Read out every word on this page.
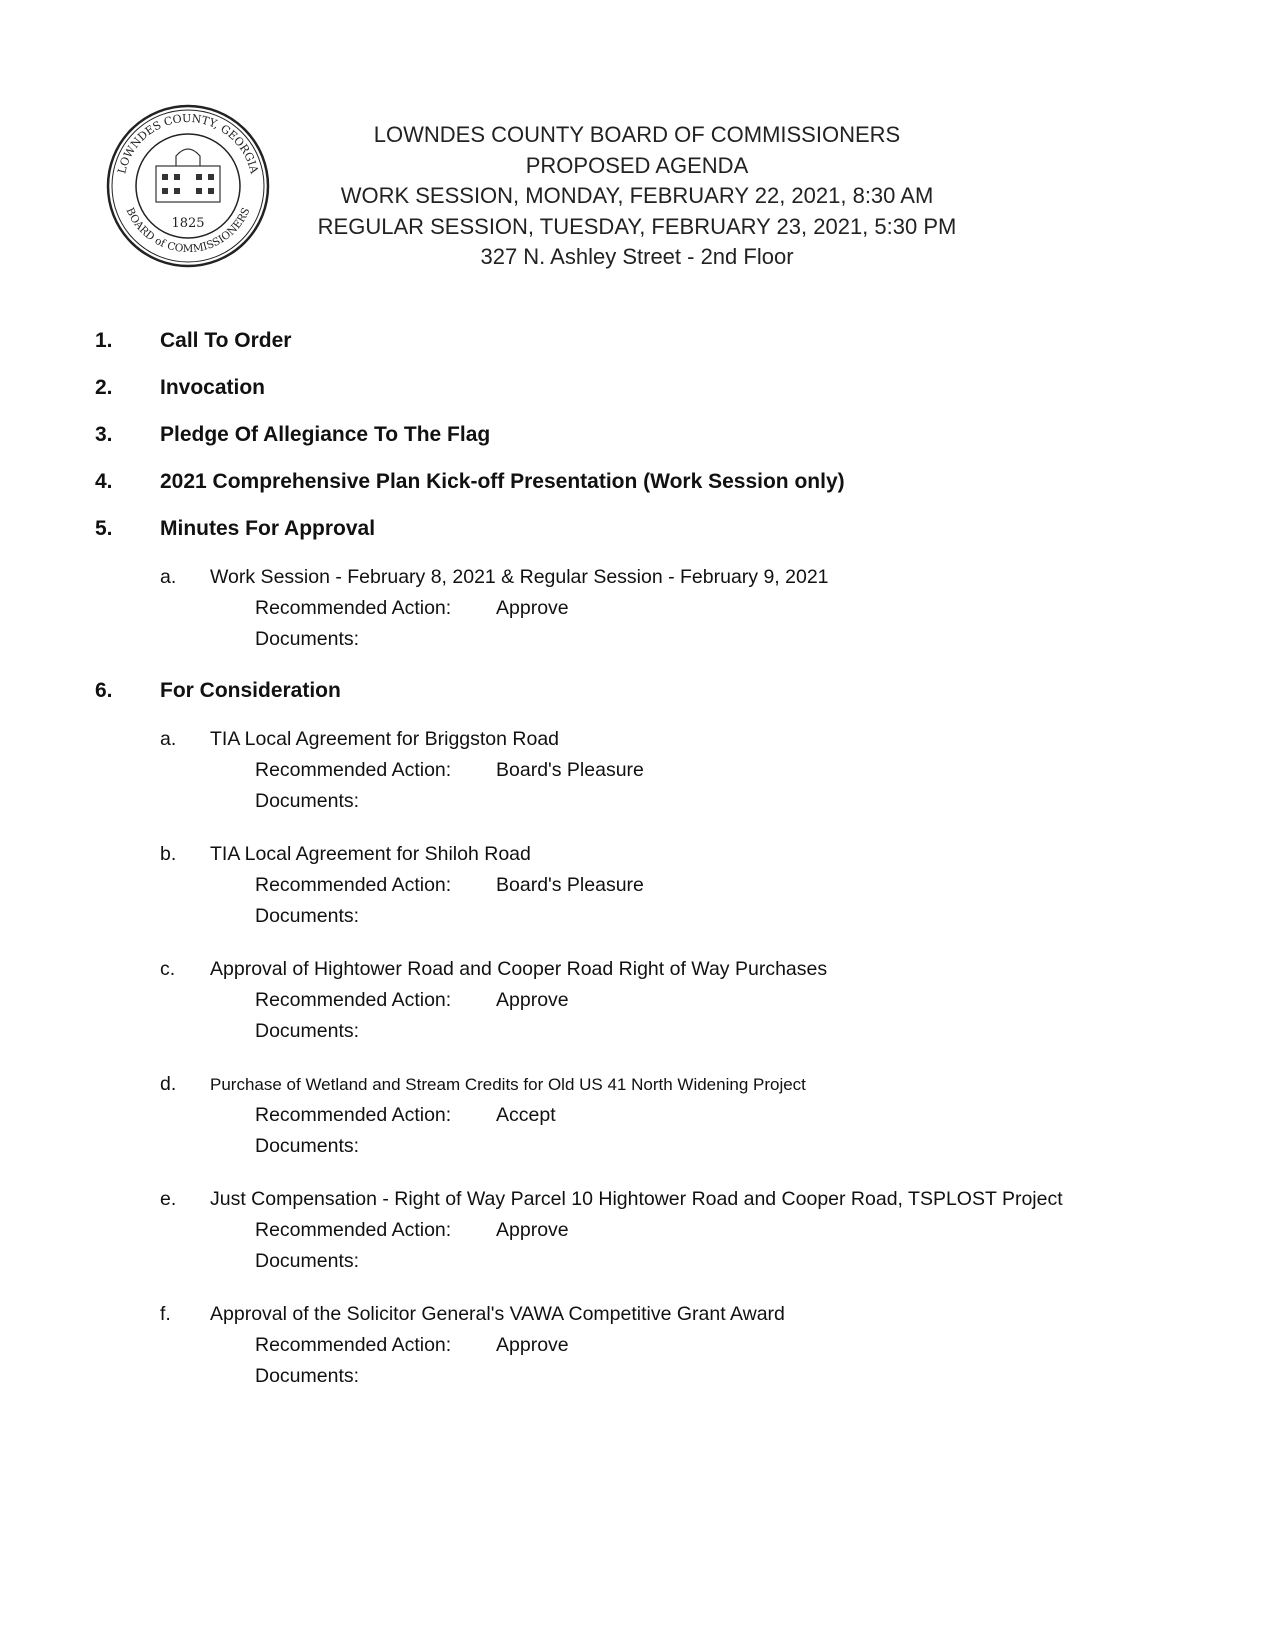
LOWNDES COUNTY, GEORGIA
BOARD of COMMISSIONERS
1825
LOWNDES COUNTY BOARD OF COMMISSIONERS
PROPOSED AGENDA
WORK SESSION, MONDAY, FEBRUARY 22, 2021, 8:30 AM
REGULAR SESSION, TUESDAY, FEBRUARY 23, 2021, 5:30 PM
327 N. Ashley Street - 2nd Floor
1.	Call To Order
2.	Invocation
3.	Pledge Of Allegiance To The Flag
4.	2021 Comprehensive Plan Kick-off Presentation (Work Session only)
5.	Minutes For Approval
a.	Work Session - February 8, 2021 & Regular Session - February 9, 2021
Recommended Action:	Approve
Documents:
6.	For Consideration
a.	TIA Local Agreement for Briggston Road
Recommended Action:	Board's Pleasure
Documents:
b.	TIA Local Agreement for Shiloh Road
Recommended Action:	Board's Pleasure
Documents:
c.	Approval of Hightower Road and Cooper Road Right of Way Purchases
Recommended Action:	Approve
Documents:
d.	Purchase of Wetland and Stream Credits for Old US 41 North Widening Project
Recommended Action:	Accept
Documents:
e.	Just Compensation - Right of Way Parcel 10 Hightower Road and Cooper Road, TSPLOST Project
Recommended Action:	Approve
Documents:
f.	Approval of the Solicitor General's VAWA Competitive Grant Award
Recommended Action:	Approve
Documents:
